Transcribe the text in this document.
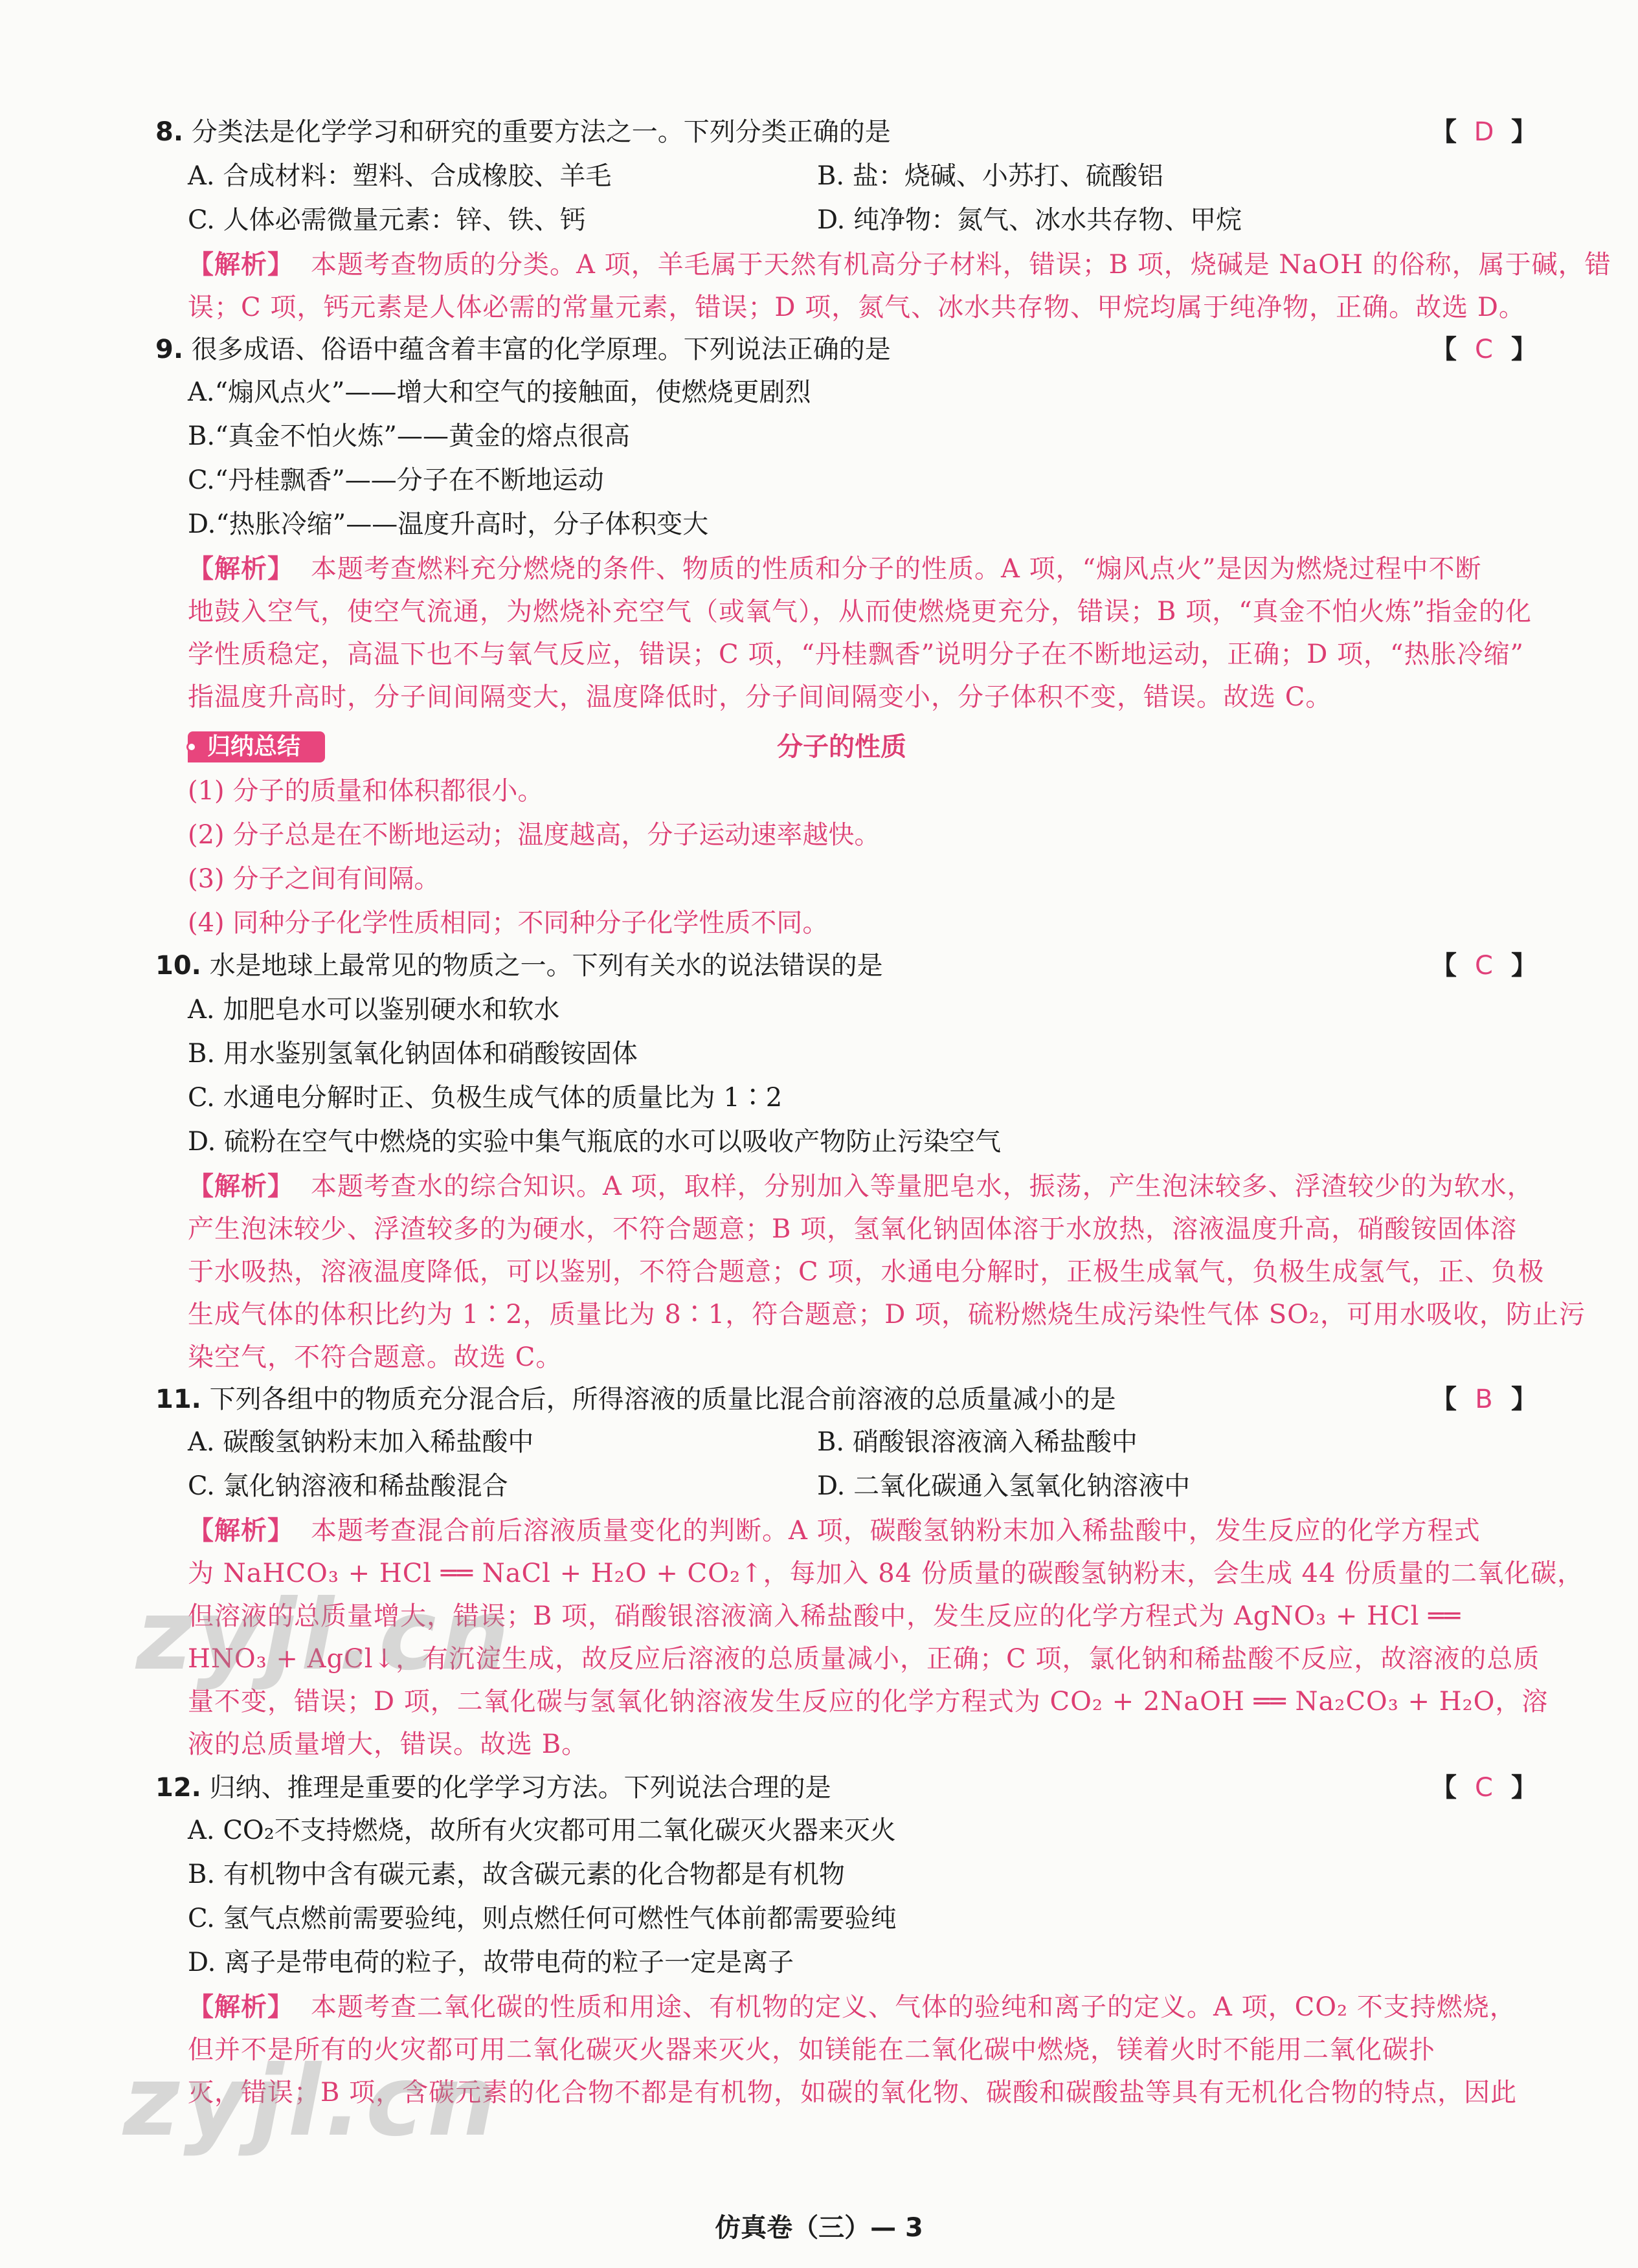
8. 分类法是化学学习和研究的重要方法之一。下列分类正确的是	【 D 】
A. 合成材料：塑料、合成橡胶、羊毛	B. 盐：烧碱、小苏打、硫酸铝
C. 人体必需微量元素：锌、铁、钙	D. 纯净物：氮气、冰水共存物、甲烷
【解析】 本题考查物质的分类。A 项，羊毛属于天然有机高分子材料，错误；B 项，烧碱是 NaOH 的俗称，属于碱，错
误；C 项，钙元素是人体必需的常量元素，错误；D 项，氮气、冰水共存物、甲烷均属于纯净物，正确。故选 D。
9. 很多成语、俗语中蕴含着丰富的化学原理。下列说法正确的是	【 C 】
A.“煽风点火”——增大和空气的接触面，使燃烧更剧烈
B.“真金不怕火炼”——黄金的熔点很高
C.“丹桂飘香”——分子在不断地运动
D.“热胀冷缩”——温度升高时，分子体积变大
【解析】 本题考查燃料充分燃烧的条件、物质的性质和分子的性质。A 项，“煽风点火”是因为燃烧过程中不断
地鼓入空气，使空气流通，为燃烧补充空气（或氧气），从而使燃烧更充分，错误；B 项，“真金不怕火炼”指金的化
学性质稳定，高温下也不与氧气反应，错误；C 项，“丹桂飘香”说明分子在不断地运动，正确；D 项，“热胀冷缩”
指温度升高时，分子间间隔变大，温度降低时，分子间间隔变小，分子体积不变，错误。故选 C。
归纳总结	分子的性质
(1) 分子的质量和体积都很小。
(2) 分子总是在不断地运动；温度越高，分子运动速率越快。
(3) 分子之间有间隔。
(4) 同种分子化学性质相同；不同种分子化学性质不同。
10. 水是地球上最常见的物质之一。下列有关水的说法错误的是	【 C 】
A. 加肥皂水可以鉴别硬水和软水
B. 用水鉴别氢氧化钠固体和硝酸铵固体
C. 水通电分解时正、负极生成气体的质量比为 1∶2
D. 硫粉在空气中燃烧的实验中集气瓶底的水可以吸收产物防止污染空气
【解析】 本题考查水的综合知识。A 项，取样，分别加入等量肥皂水，振荡，产生泡沫较多、浮渣较少的为软水，
产生泡沫较少、浮渣较多的为硬水，不符合题意；B 项，氢氧化钠固体溶于水放热，溶液温度升高，硝酸铵固体溶
于水吸热，溶液温度降低，可以鉴别，不符合题意；C 项，水通电分解时，正极生成氧气，负极生成氢气，正、负极
生成气体的体积比约为 1∶2，质量比为 8∶1，符合题意；D 项，硫粉燃烧生成污染性气体 SO₂，可用水吸收，防止污
染空气，不符合题意。故选 C。
11. 下列各组中的物质充分混合后，所得溶液的质量比混合前溶液的总质量减小的是	【 B 】
A. 碳酸氢钠粉末加入稀盐酸中	B. 硝酸银溶液滴入稀盐酸中
C. 氯化钠溶液和稀盐酸混合	D. 二氧化碳通入氢氧化钠溶液中
【解析】 本题考查混合前后溶液质量变化的判断。A 项，碳酸氢钠粉末加入稀盐酸中，发生反应的化学方程式
为 NaHCO₃ + HCl ══ NaCl + H₂O + CO₂↑，每加入 84 份质量的碳酸氢钠粉末，会生成 44 份质量的二氧化碳，
但溶液的总质量增大，错误；B 项，硝酸银溶液滴入稀盐酸中，发生反应的化学方程式为 AgNO₃ + HCl ══
HNO₃ + AgCl↓，有沉淀生成，故反应后溶液的总质量减小，正确；C 项，氯化钠和稀盐酸不反应，故溶液的总质
量不变，错误；D 项，二氧化碳与氢氧化钠溶液发生反应的化学方程式为 CO₂ + 2NaOH ══ Na₂CO₃ + H₂O，溶
液的总质量增大，错误。故选 B。
12. 归纳、推理是重要的化学学习方法。下列说法合理的是	【 C 】
A. CO₂不支持燃烧，故所有火灾都可用二氧化碳灭火器来灭火
B. 有机物中含有碳元素，故含碳元素的化合物都是有机物
C. 氢气点燃前需要验纯，则点燃任何可燃性气体前都需要验纯
D. 离子是带电荷的粒子，故带电荷的粒子一定是离子
【解析】 本题考查二氧化碳的性质和用途、有机物的定义、气体的验纯和离子的定义。A 项，CO₂ 不支持燃烧，
但并不是所有的火灾都可用二氧化碳灭火器来灭火，如镁能在二氧化碳中燃烧，镁着火时不能用二氧化碳扑
灭，错误；B 项，含碳元素的化合物不都是有机物，如碳的氧化物、碳酸和碳酸盐等具有无机化合物的特点，因此
zyjl.cn
zyjl.cn
仿真卷（三）— 3
